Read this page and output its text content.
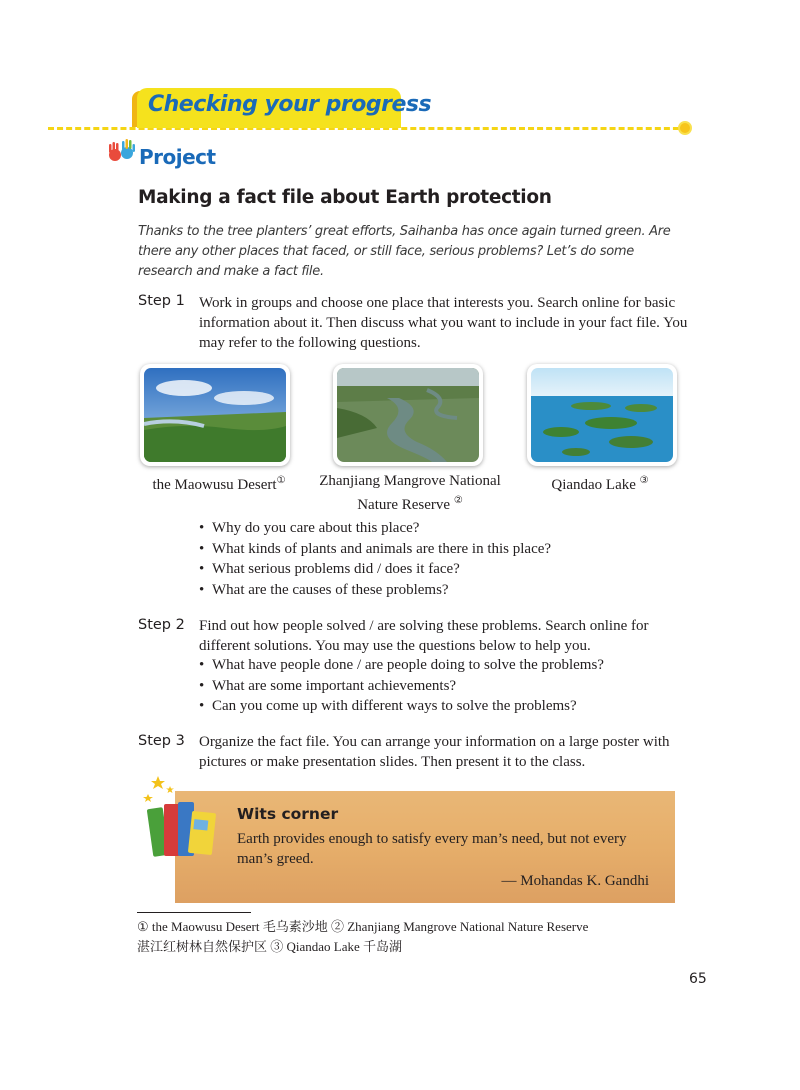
Checking your progress
Project
Making a fact file about Earth protection
Thanks to the tree planters’ great efforts, Saihanba has once again turned green. Are there any other places that faced, or still face, serious problems? Let’s do some research and make a fact file.
Step 1 Work in groups and choose one place that interests you. Search online for basic information about it. Then discuss what you want to include in your fact file. You may refer to the following questions.
the Maowusu Desert①	Zhanjiang Mangrove National
Nature Reserve ②
Qiandao Lake ③
• Why do you care about this place?
• What kinds of plants and animals are there in this place?
• What serious problems did / does it face?
• What are the causes of these problems?
Step 2 Find out how people solved / are solving these problems. Search online for different solutions. You may use the questions below to help you.
• What have people done / are people doing to solve the problems?
• What are some important achievements?
• Can you come up with different ways to solve the problems?
Step 3 Organize the fact file. You can arrange your information on a large poster with pictures or make presentation slides. Then present it to the class.
Wits corner
Earth provides enough to satisfy every man’s need, but not every man’s greed.
— Mohandas K. Gandhi
① the Maowusu Desert 毛乌素沙地 ② Zhanjiang Mangrove National Nature Reserve
湛江红树林自然保护区 ③ Qiandao Lake 千岛湖
65
